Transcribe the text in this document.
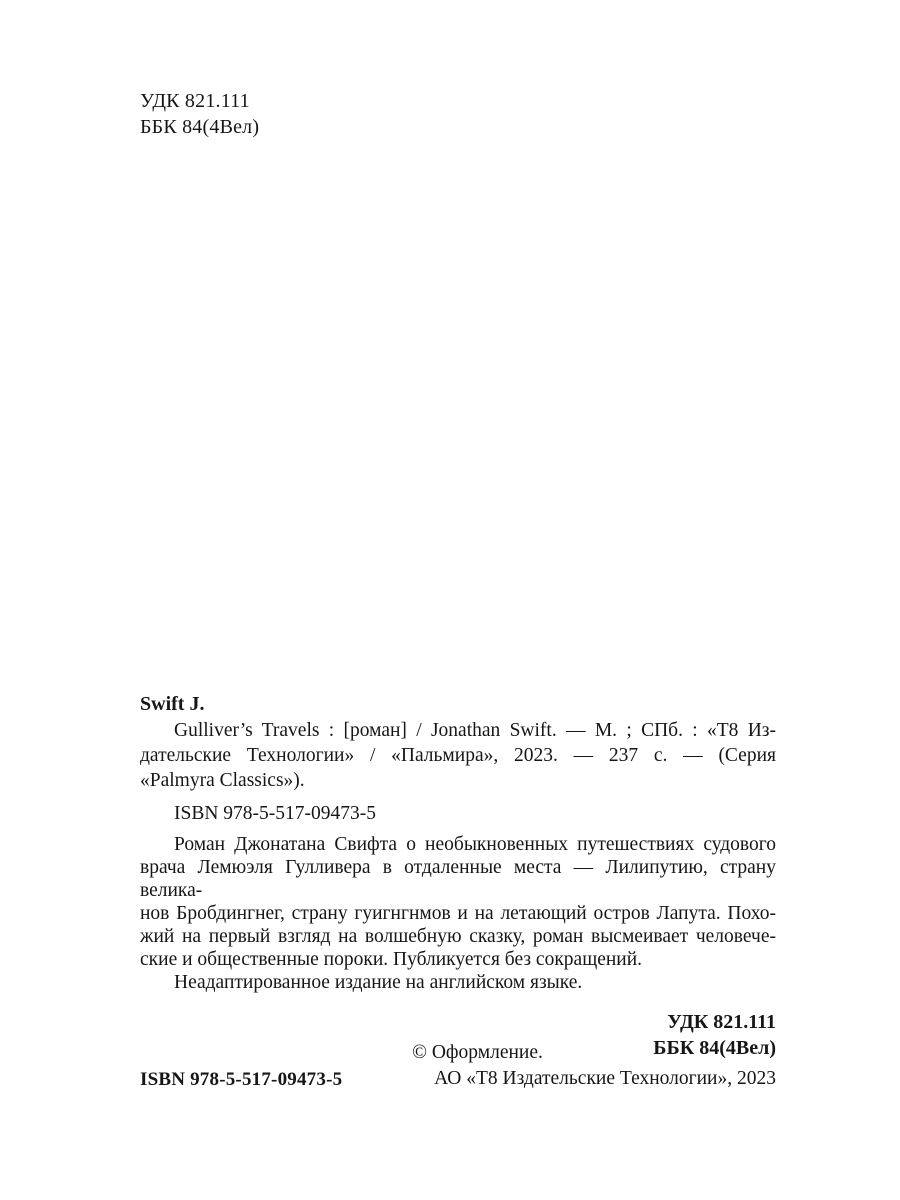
УДК 821.111
ББК 84(4Вел)
Swift J.
Gulliver’s Travels : [роман] / Jonathan Swift. — М. ; СПб. : «Т8 Из-
дательские Технологии» / «Пальмира», 2023. — 237 с. — (Серия
«Palmyra Classics»).
ISBN 978-5-517-09473-5
Роман Джонатана Свифта о необыкновенных путешествиях судового
врача Лемюэля Гулливера в отдаленные места — Лилипутию, страну велика-
нов Бробдингнег, страну гуигнгнмов и на летающий остров Лапута. Похо-
жий на первый взгляд на волшебную сказку, роман высмеивает человече-
ские и общественные пороки. Публикуется без сокращений.
Неадаптированное издание на английском языке.
УДК 821.111
ББК 84(4Вел)
ISBN 978-5-517-09473-5
© Оформление.
АО «Т8 Издательские Технологии», 2023
